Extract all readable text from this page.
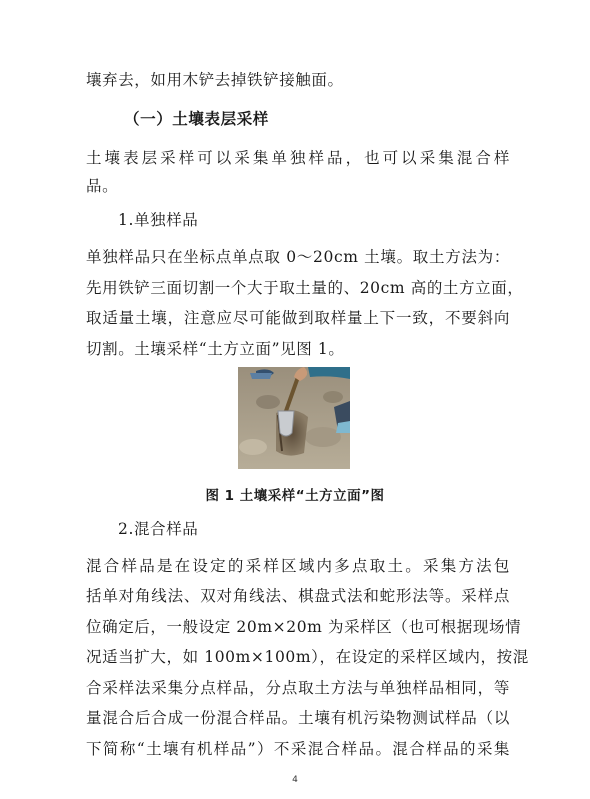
壤弃去，如用木铲去掉铁铲接触面。
（一）土壤表层采样
土壤表层采样可以采集单独样品，也可以采集混合样
品。
1.单独样品
单独样品只在坐标点单点取 0～20cm 土壤。取土方法为：
先用铁铲三面切割一个大于取土量的、20cm 高的土方立面，
取适量土壤，注意应尽可能做到取样量上下一致，不要斜向
切割。土壤采样“土方立面”见图 1。
图 1 土壤采样“土方立面”图
2.混合样品
混合样品是在设定的采样区域内多点取土。采集方法包
括单对角线法、双对角线法、棋盘式法和蛇形法等。采样点
位确定后，一般设定 20m×20m 为采样区（也可根据现场情
况适当扩大，如 100m×100m），在设定的采样区域内，按混
合采样法采集分点样品，分点取土方法与单独样品相同，等
量混合后合成一份混合样品。土壤有机污染物测试样品（以
下简称“土壤有机样品”）不采混合样品。混合样品的采集
4
